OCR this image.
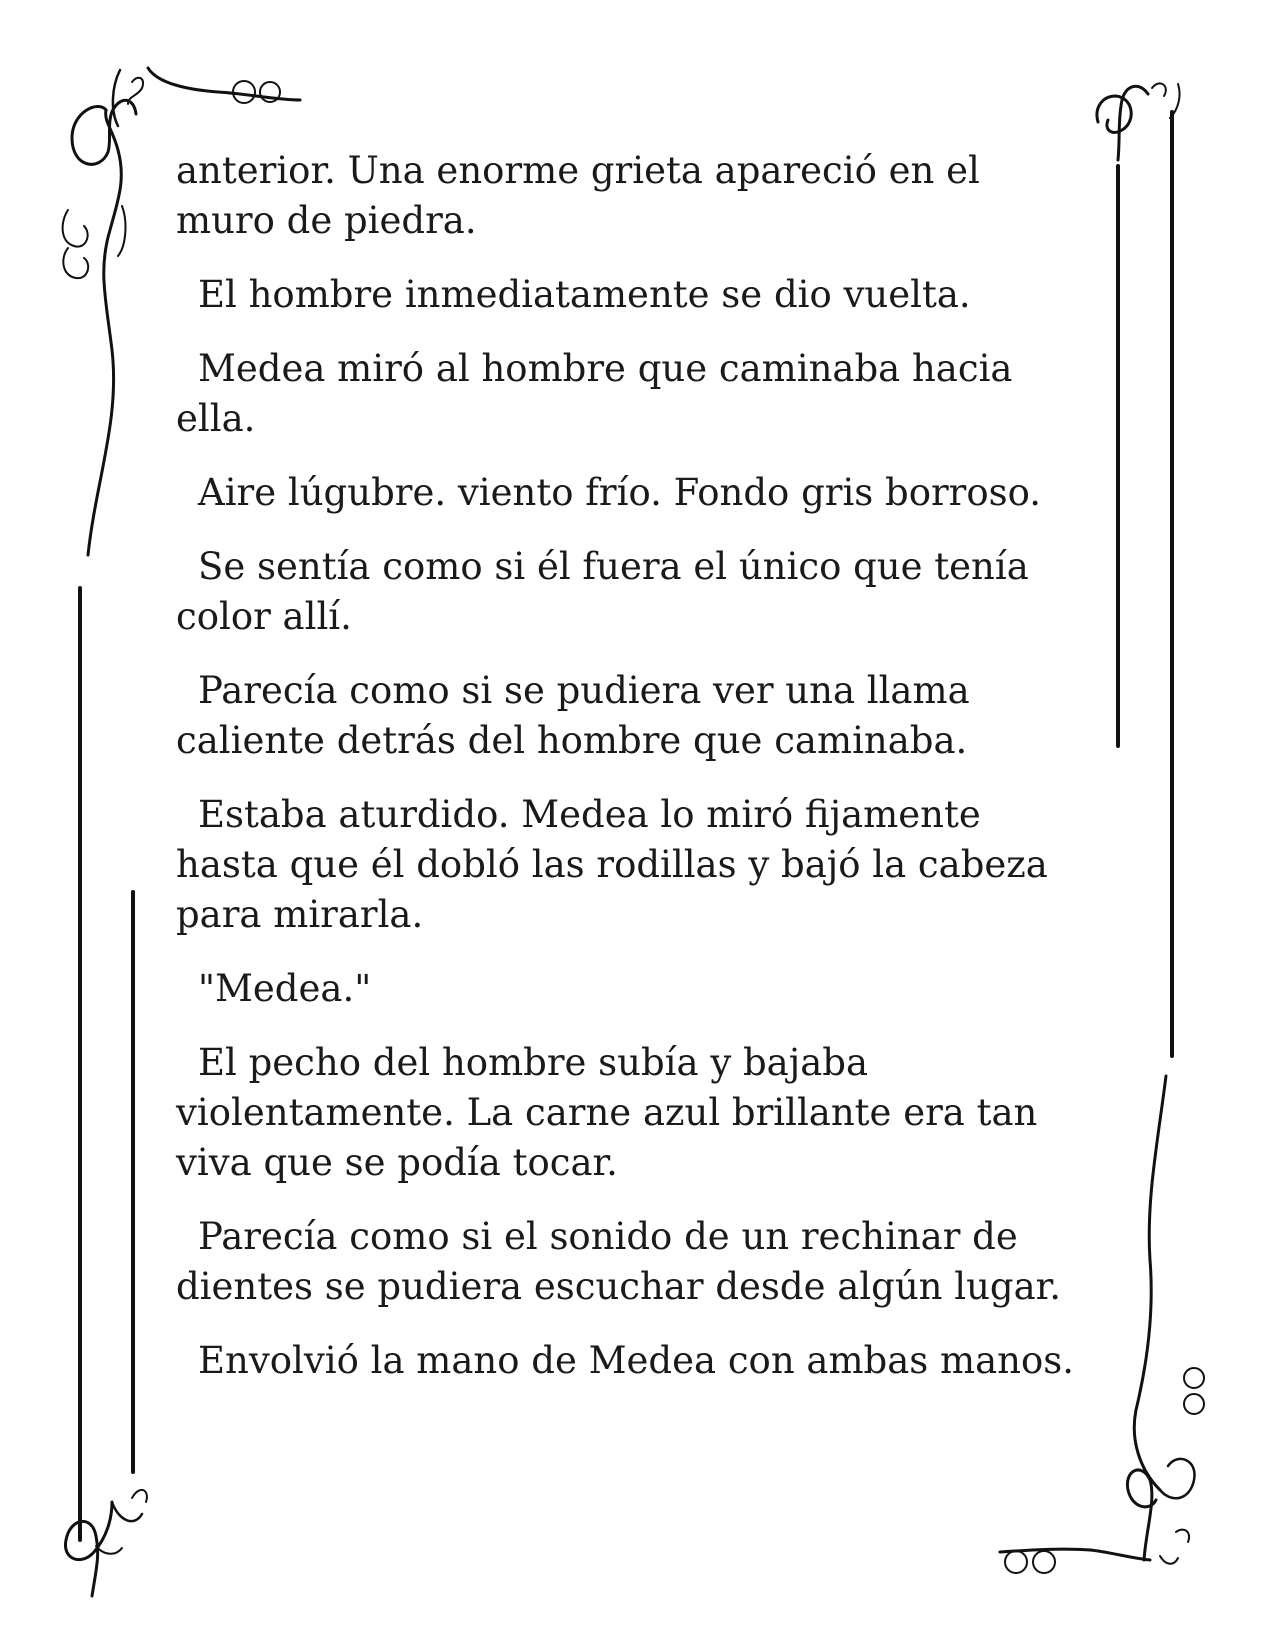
anterior. Una enorme grieta apareció en el muro de piedra.

El hombre inmediatamente se dio vuelta.

Medea miró al hombre que caminaba hacia ella.

Aire lúgubre. viento frío. Fondo gris borroso.

Se sentía como si él fuera el único que tenía color allí.

Parecía como si se pudiera ver una llama caliente detrás del hombre que caminaba.

Estaba aturdido. Medea lo miró fijamente hasta que él dobló las rodillas y bajó la cabeza para mirarla.

"Medea."

El pecho del hombre subía y bajaba violentamente. La carne azul brillante era tan viva que se podía tocar.

Parecía como si el sonido de un rechinar de dientes se pudiera escuchar desde algún lugar.

Envolvió la mano de Medea con ambas manos.
